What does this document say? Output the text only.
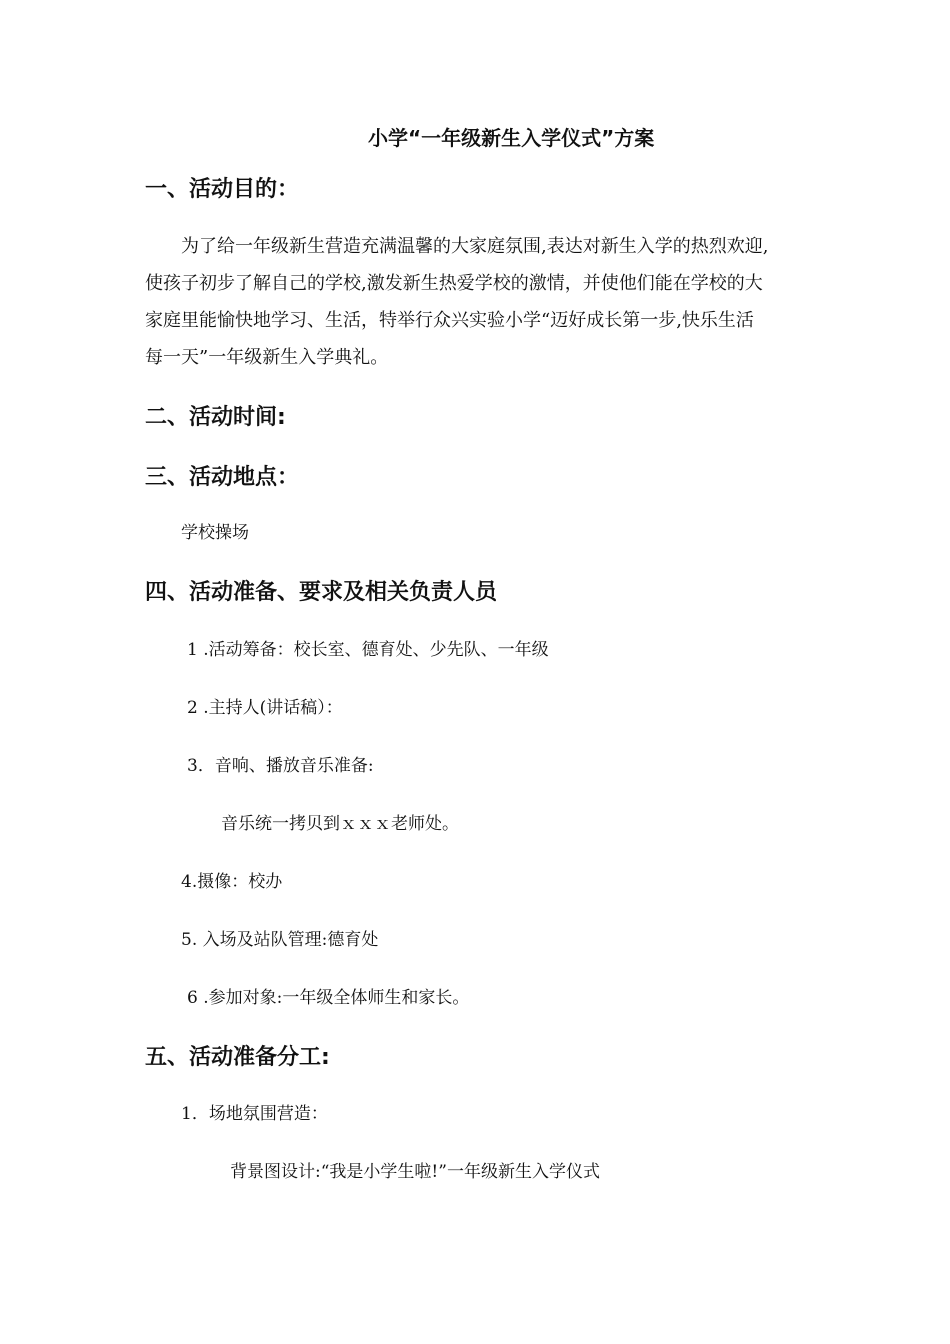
小学“一年级新生入学仪式”方案
一、活动目的：
为了给一年级新生营造充满温馨的大家庭氛围,表达对新生入学的热烈欢迎,
使孩子初步了解自己的学校,激发新生热爱学校的激情，并使他们能在学校的大
家庭里能愉快地学习、生活，特举行众兴实验小学“迈好成长第一步,快乐生活
每一天”一年级新生入学典礼。
二、活动时间:
三、活动地点：
学校操场
四、活动准备、要求及相关负责人员
1 .活动筹备：校长室、德育处、少先队、一年级
2 .主持人(讲话稿）：
3．音响、播放音乐准备:
音乐统一拷贝到ｘｘｘ老师处。
4.摄像：校办
5. 入场及站队管理:德育处
6 .参加对象:一年级全体师生和家长。
五、活动准备分工:
1．场地氛围营造：
背景图设计:“我是小学生啦!”一年级新生入学仪式
